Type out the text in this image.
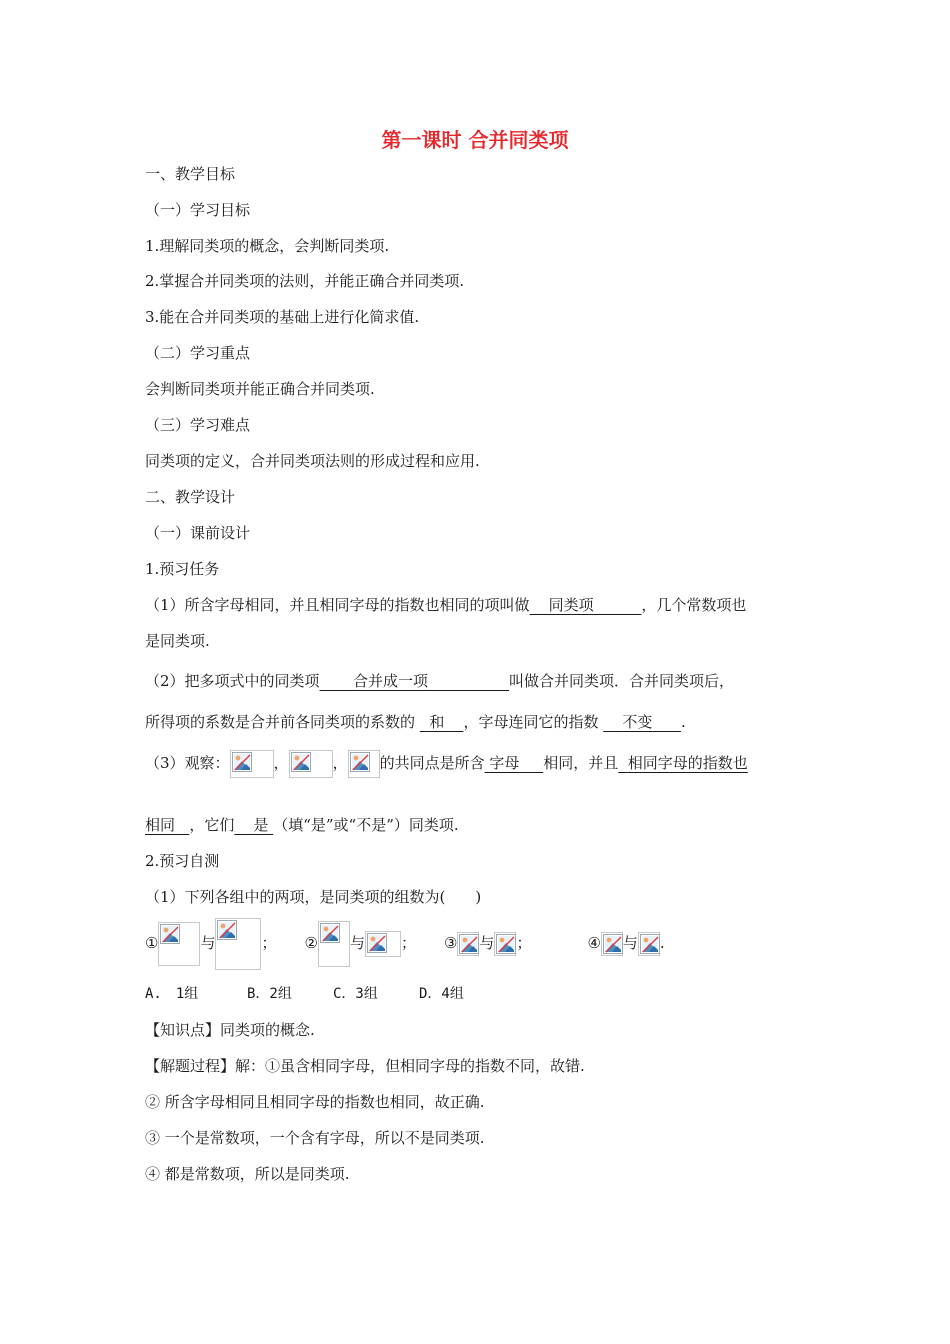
第一课时 合并同类项
一、教学目标
（一）学习目标
1.理解同类项的概念，会判断同类项.
2.掌握合并同类项的法则，并能正确合并同类项.
3.能在合并同类项的基础上进行化简求值.
（二）学习重点
会判断同类项并能正确合并同类项.
（三）学习难点
同类项的定义，合并同类项法则的形成过程和应用.
二、教学设计
（一）课前设计
1.预习任务
（1）所含字母相同，并且相同字母的指数也相同的项叫做 同类项	，几个常数项也
是同类项.
（2）把多项式中的同类项 合并成一项	叫做合并同类项．合并同类项后，
所得项的系数是合并前各同类项的系数的 和 ，字母连同它的指数 不变 .
（3）观察：	，	， 的共同点是所含 字母 相同，并且 相同字母的指数也
相同 ，它们 是 （填“是”或“不是”）同类项.
2.预习自测
（1）下列各组中的两项，是同类项的组数为(　　)
①	与	； ② 与 ； ③ 与 ；	④ 与 .
A.　1组	B．2组	C．3组	D．4组
【知识点】同类项的概念.
【解题过程】解：①虽含相同字母，但相同字母的指数不同，故错.
② 所含字母相同且相同字母的指数也相同，故正确.
③ 一个是常数项，一个含有字母，所以不是同类项.
④ 都是常数项，所以是同类项.
